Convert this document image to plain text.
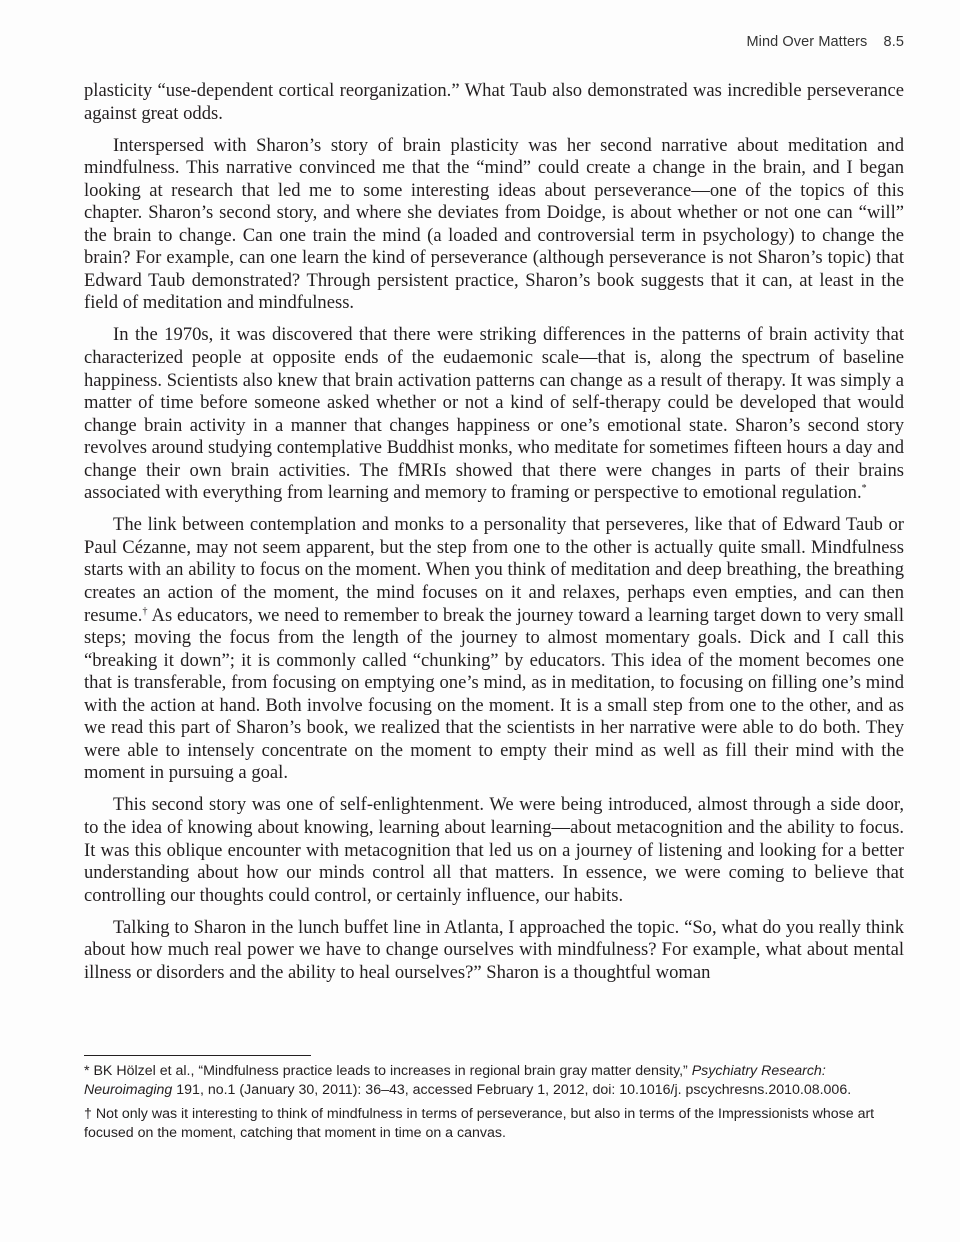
Mind Over Matters 8.5

plasticity “use-dependent cortical reorganization.” What Taub also demonstrated was incredible perseverance against great odds.

Interspersed with Sharon’s story of brain plasticity was her second narrative about meditation and mindfulness. This narrative convinced me that the “mind” could create a change in the brain, and I began looking at research that led me to some interesting ideas about perseverance—one of the topics of this chapter. Sharon’s second story, and where she deviates from Doidge, is about whether or not one can “will” the brain to change. Can one train the mind (a loaded and controversial term in psychology) to change the brain? For example, can one learn the kind of perseverance (although perseverance is not Sharon’s topic) that Edward Taub demonstrated? Through persistent practice, Sharon’s book suggests that it can, at least in the field of meditation and mindfulness.

In the 1970s, it was discovered that there were striking differences in the patterns of brain activity that characterized people at opposite ends of the eudaemonic scale—that is, along the spectrum of baseline happiness. Scientists also knew that brain activation patterns can change as a result of therapy. It was simply a matter of time before someone asked whether or not a kind of self-therapy could be developed that would change brain activity in a manner that changes happiness or one’s emotional state. Sharon’s second story revolves around studying contemplative Buddhist monks, who meditate for sometimes fifteen hours a day and change their own brain activities. The fMRIs showed that there were changes in parts of their brains associated with everything from learning and memory to framing or perspective to emotional regulation.*

The link between contemplation and monks to a personality that perseveres, like that of Edward Taub or Paul Cézanne, may not seem apparent, but the step from one to the other is actually quite small. Mindfulness starts with an ability to focus on the moment. When you think of meditation and deep breathing, the breathing creates an action of the moment, the mind focuses on it and relaxes, perhaps even empties, and can then resume.† As educators, we need to remember to break the journey toward a learning target down to very small steps; moving the focus from the length of the journey to almost momentary goals. Dick and I call this “breaking it down”; it is commonly called “chunking” by educators. This idea of the moment becomes one that is transferable, from focusing on emptying one’s mind, as in meditation, to focusing on filling one’s mind with the action at hand. Both involve focusing on the moment. It is a small step from one to the other, and as we read this part of Sharon’s book, we realized that the scientists in her narrative were able to do both. They were able to intensely concentrate on the moment to empty their mind as well as fill their mind with the moment in pursuing a goal.

This second story was one of self-enlightenment. We were being introduced, almost through a side door, to the idea of knowing about knowing, learning about learning—about metacognition and the ability to focus. It was this oblique encounter with metacognition that led us on a journey of listening and looking for a better understanding about how our minds control all that matters. In essence, we were coming to believe that controlling our thoughts could control, or certainly influence, our habits.

Talking to Sharon in the lunch buffet line in Atlanta, I approached the topic. “So, what do you really think about how much real power we have to change ourselves with mindfulness? For example, what about mental illness or disorders and the ability to heal ourselves?” Sharon is a thoughtful woman

* BK Hölzel et al., “Mindfulness practice leads to increases in regional brain gray matter density,” Psychiatry Research: Neuroimaging 191, no.1 (January 30, 2011): 36–43, accessed February 1, 2012, doi: 10.1016/j. pscychresns.2010.08.006.

† Not only was it interesting to think of mindfulness in terms of perseverance, but also in terms of the Impressionists whose art focused on the moment, catching that moment in time on a canvas.
